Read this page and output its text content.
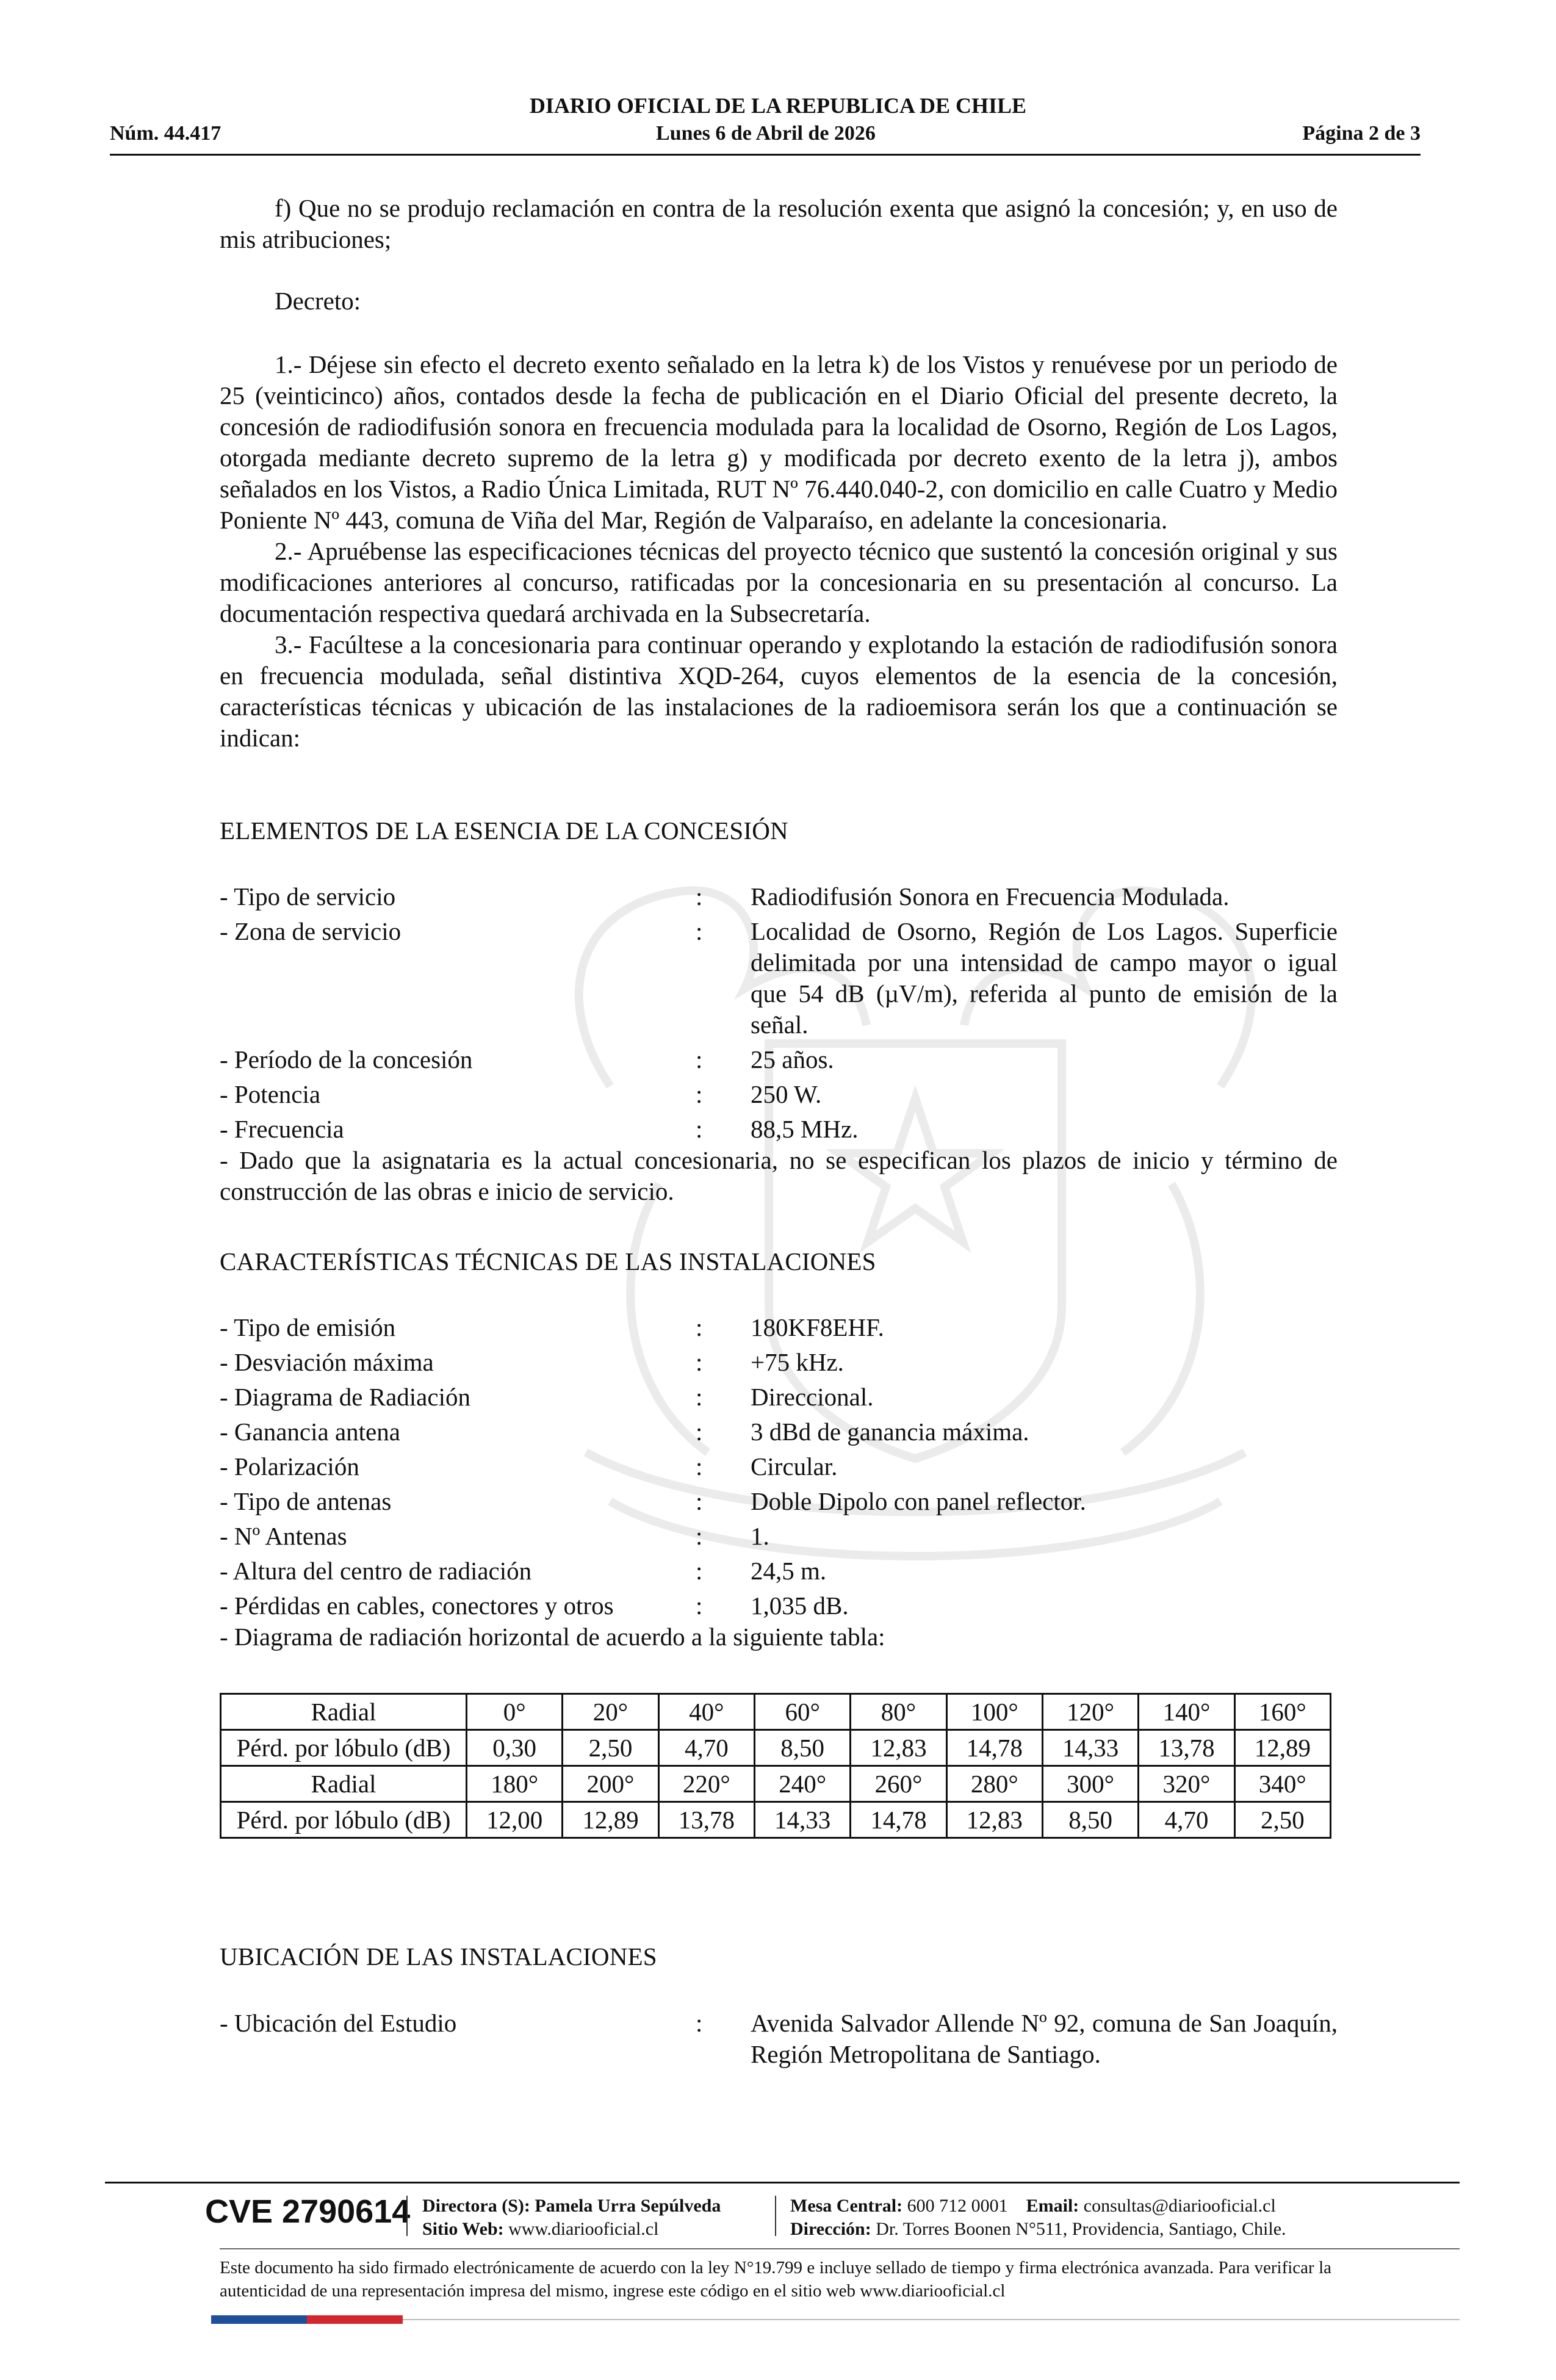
DIARIO OFICIAL DE LA REPUBLICA DE CHILE
Núm. 44.417	Lunes 6 de Abril de 2026	Página 2 de 3

f) Que no se produjo reclamación en contra de la resolución exenta que asignó la concesión; y, en uso de mis atribuciones;

Decreto:

1.- Déjese sin efecto el decreto exento señalado en la letra k) de los Vistos y renuévese por un periodo de 25 (veinticinco) años, contados desde la fecha de publicación en el Diario Oficial del presente decreto, la concesión de radiodifusión sonora en frecuencia modulada para la localidad de Osorno, Región de Los Lagos, otorgada mediante decreto supremo de la letra g) y modificada por decreto exento de la letra j), ambos señalados en los Vistos, a Radio Única Limitada, RUT Nº 76.440.040-2, con domicilio en calle Cuatro y Medio Poniente Nº 443, comuna de Viña del Mar, Región de Valparaíso, en adelante la concesionaria.

2.- Apruébense las especificaciones técnicas del proyecto técnico que sustentó la concesión original y sus modificaciones anteriores al concurso, ratificadas por la concesionaria en su presentación al concurso. La documentación respectiva quedará archivada en la Subsecretaría.

3.- Facúltese a la concesionaria para continuar operando y explotando la estación de radiodifusión sonora en frecuencia modulada, señal distintiva XQD-264, cuyos elementos de la esencia de la concesión, características técnicas y ubicación de las instalaciones de la radioemisora serán los que a continuación se indican:

ELEMENTOS DE LA ESENCIA DE LA CONCESIÓN
- Tipo de servicio	:	Radiodifusión Sonora en Frecuencia Modulada.
- Zona de servicio	:	Localidad de Osorno, Región de Los Lagos. Superficie delimitada por una intensidad de campo mayor o igual que 54 dB (µV/m), referida al punto de emisión de la señal.
- Período de la concesión	:	25 años.
- Potencia	:	250 W.
- Frecuencia	:	88,5 MHz.
- Dado que la asignataria es la actual concesionaria, no se especifican los plazos de inicio y término de construcción de las obras e inicio de servicio.
CARACTERÍSTICAS TÉCNICAS DE LAS INSTALACIONES
- Tipo de emisión	:	180KF8EHF.
- Desviación máxima	:	+75 kHz.
- Diagrama de Radiación	:	Direccional.
- Ganancia antena	:	3 dBd de ganancia máxima.
- Polarización	:	Circular.
- Tipo de antenas	:	Doble Dipolo con panel reflector.
- Nº Antenas	:	1.
- Altura del centro de radiación	:	24,5 m.
- Pérdidas en cables, conectores y otros	:	1,035 dB.
- Diagrama de radiación horizontal de acuerdo a la siguiente tabla:
Radial	0°	20°	40°	60°	80°	100°	120°	140°	160°
Pérd. por lóbulo (dB)	0,30	2,50	4,70	8,50	12,83	14,78	14,33	13,78	12,89
Radial	180°	200°	220°	240°	260°	280°	300°	320°	340°
Pérd. por lóbulo (dB)	12,00	12,89	13,78	14,33	14,78	12,83	8,50	4,70	2,50
UBICACIÓN DE LAS INSTALACIONES
- Ubicación del Estudio	:	Avenida Salvador Allende Nº 92, comuna de San Joaquín, Región Metropolitana de Santiago.
CVE 2790614 Directora (S): Pamela Urra Sepúlveda
Sitio Web: www.diariooficial.cl
Mesa Central: 600 712 0001 Email: consultas@diariooficial.cl
Dirección: Dr. Torres Boonen N°511, Providencia, Santiago, Chile.
Este documento ha sido firmado electrónicamente de acuerdo con la ley N°19.799 e incluye sellado de tiempo y firma electrónica avanzada. Para verificar la autenticidad de una representación impresa del mismo, ingrese este código en el sitio web www.diariooficial.cl
